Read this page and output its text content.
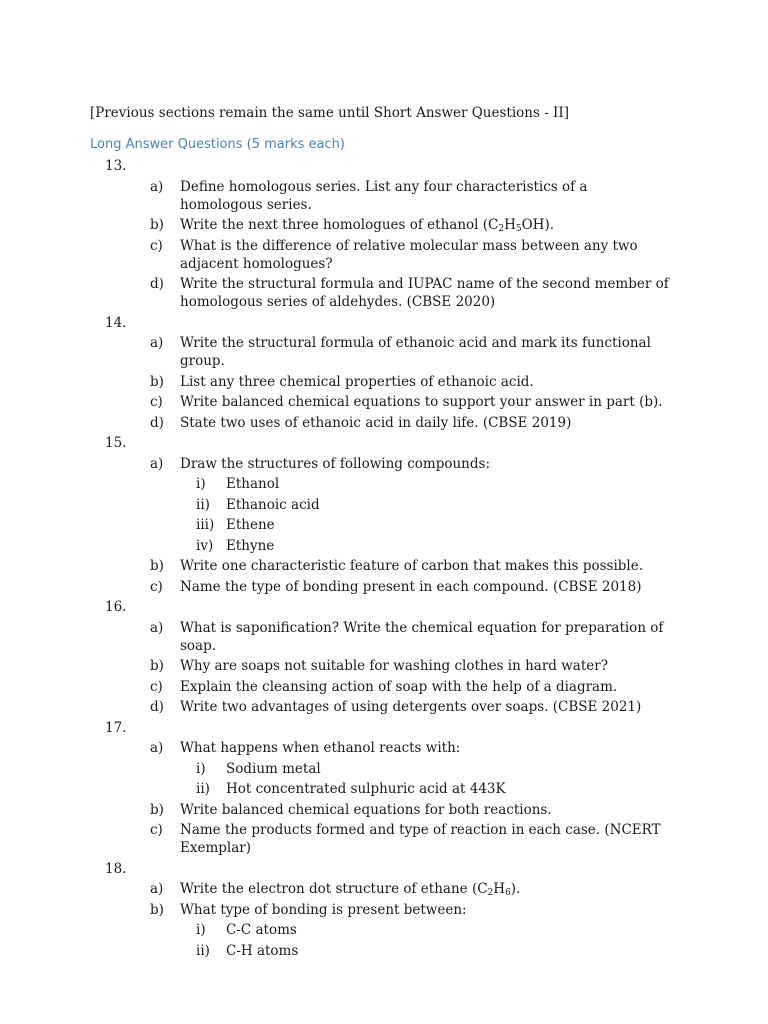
[Previous sections remain the same until Short Answer Questions - II]
Long Answer Questions (5 marks each)
13.
a)	Define homologous series. List any four characteristics of a homologous series.
b)	Write the next three homologues of ethanol $(C_2H_5OH)$.
c)	What is the difference of relative molecular mass between any two adjacent homologues?
d)	Write the structural formula and IUPAC name of the second member of homologous series of aldehydes. (CBSE 2020)
14.
a)	Write the structural formula of ethanoic acid and mark its functional group.
b)	List any three chemical properties of ethanoic acid.
c)	Write balanced chemical equations to support your answer in part (b).
d)	State two uses of ethanoic acid in daily life. (CBSE 2019)
15.
a)	Draw the structures of following compounds:
i)	Ethanol
ii)	Ethanoic acid
iii) Ethene
iv) Ethyne
b)	Write one characteristic feature of carbon that makes this possible.
c)	Name the type of bonding present in each compound. (CBSE 2018)
16.
a)	What is saponification? Write the chemical equation for preparation of soap.
b)	Why are soaps not suitable for washing clothes in hard water?
c)	Explain the cleansing action of soap with the help of a diagram.
d)	Write two advantages of using detergents over soaps. (CBSE 2021)
17.
a)	What happens when ethanol reacts with:
i)	Sodium metal
ii)	Hot concentrated sulphuric acid at 443K
b)	Write balanced chemical equations for both reactions.
c)	Name the products formed and type of reaction in each case. (NCERT Exemplar)
18.
a)	Write the electron dot structure of ethane $(C_2H_6)$.
b)	What type of bonding is present between:
i)	C-C atoms
ii)	C-H atoms
